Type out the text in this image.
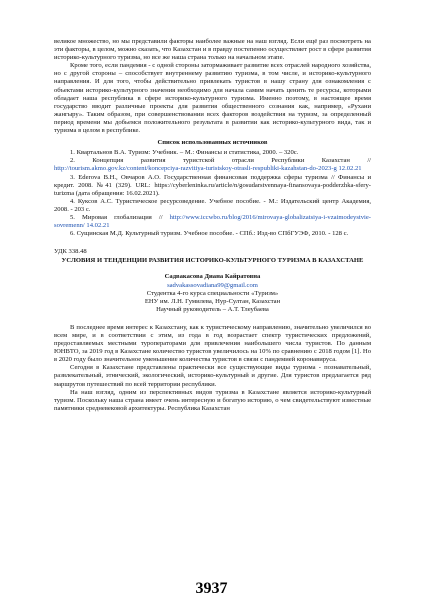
великое множество, но мы представили факторы наиболее важные на наш взгляд. Если ещё раз посмотреть на эти факторы, в целом, можно сказать, что Казахстан и в правду постепенно осуществляет рост в сфере развития историко-культурного туризма, но все же наша страна только на начальном этапе.

Кроме того, если пандемия - с одной стороны затормаживает развитие всех отраслей народного хозяйства, но с другой стороны – способствует внутреннему развитию туризма, в том числе, и историко-культурного направления. И для того, чтобы действительно привлекать туристов в нашу страну для ознакомления с объектами историко-культурного значения необходимо для начала самим начать ценить те ресурсы, которыми обладает наша республика в сфере историко-культурного туризма. Именно поэтому, в настоящее время государство вводит различные проекты для развития общественного сознания как, например, «Рухани жангыру». Таким образом, при совершенствовании всех факторов воздействия на туризм, за определенный период времени мы добьемся положительного результата в развитии как историко-культурного вида, так и туризма в целом в республике.

Список использованных источников
1. Квартальнов В.А. Туризм: Учебник. – М.: Финансы и статистика, 2000. – 320с.
2. Концепция развития туристской отрасли Республики Казахстан // http://tourism.akmo.gov.kz/content/koncepciya-razvitiya-turistskoy-otrasli-respubliki-kazahstan-do-2023-g 12.02.21
3. Ederova В.Н., Овчаров А.О. Государственная финансовая поддержка сферы туризма // Финансы и кредит. 2008. №41 (329). URL: https://cyberleninka.ru/article/n/gosudarstvennaya-finansovaya-podderzhka-sfery-turizma (дата обращения: 16.02.2021).
4. Куксов А.С. Туристическое ресурсоведение. Учебное пособие. - М.: Издательский центр Академия, 2008. - 203 с.
5. Мировая глобализация // http://www.iccwbo.ru/blog/2016/mirovaya-globalizatsiya-i-vzaimodeystvie-sovremenn/ 14.02.21
6. Сущинская М.Д. Культурный туризм. Учебное пособие. - СПб.: Изд-во СПбГУЭФ, 2010. - 128 с.
УДК 338.48
УСЛОВИЯ И ТЕНДЕНЦИИ РАЗВИТИЯ ИСТОРИКО-КУЛЬТУРНОГО ТУРИЗМА В КАЗАХСТАНЕ
Садвакасова Диана Кайратовна
sadvakassovadiana99@gmail.com
Студентка 4-го курса специальности «Туризм»
ЕНУ им. Л.Н. Гумилева, Нур-Султан, Казахстан
Научный руководитель – А.Т. Тлеубаева

В последнее время интерес к Казахстану, как к туристическому направлению, значительно увеличился во всем мире, и в соответствии с этим, из года в год возрастает спектр туристических предложений, предоставляемых местными туроператорами для привлечения наибольшего числа туристов. По данным ЮНВТО, за 2019 год в Казахстане количество туристов увеличилось на 10% по сравнению с 2018 годом [1]. Но в 2020 году было значительное уменьшение количества туристов в связи с пандемией коронавируса.

Сегодня в Казахстане представлены практически все существующие виды туризма - познавательный, развлекательный, этнический, экологический, историко-культурный и другие. Для туристов предлагается ряд маршрутов путешествий по всей территории республики.

На наш взгляд, одним из перспективных видов туризма в Казахстане является историко-культурный туризм. Поскольку наша страна имеет очень интересную и богатую историю, о чем свидетельствуют известные памятники средневековой архитектуры. Республика Казахстан

3937
